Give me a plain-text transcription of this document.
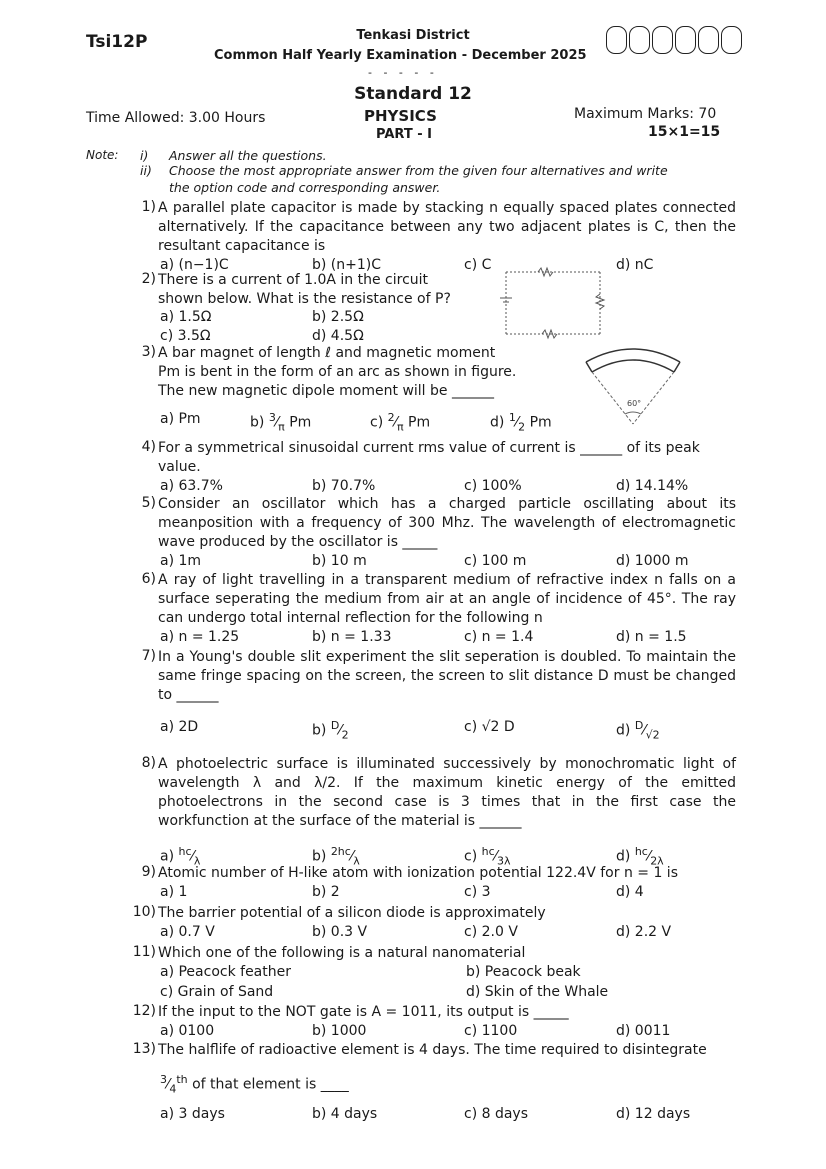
Tsi12P	Tenkasi District
Common Half Yearly Examination - December 2025
- - - - -
Standard 12
Time Allowed: 3.00 Hours	PHYSICS	Maximum Marks: 70
PART - I	15×1=15
Note: i) Answer all the questions.
ii) Choose the most appropriate answer from the given four alternatives and write
the option code and corresponding answer.
1) A parallel plate capacitor is made by stacking n equally spaced plates connected alternatively. If the capacitance between any two adjacent plates is C, then the resultant capacitance is
a) (n−1)C	b) (n+1)C	c) C	d) nC
2) There is a current of 1.0A in the circuit
shown below. What is the resistance of P?
a) 1.5Ω	b) 2.5Ω
c) 3.5Ω	d) 4.5Ω
3) A bar magnet of length ℓ and magnetic moment
Pm is bent in the form of an arc as shown in figure.
The new magnetic dipole moment will be ______
a) Pm	b) $^3⁄_\pi$ Pm	c) $^2⁄_\pi$ Pm	d) $^1⁄_2$ Pm
60°
4) For a symmetrical sinusoidal current rms value of current is ______ of its peak value.
a) 63.7%	b) 70.7%	c) 100%	d) 14.14%
5) Consider an oscillator which has a charged particle oscillating about its meanposition with a frequency of 300 Mhz. The wavelength of electromagnetic wave produced by the oscillator is _____
a) 1m	b) 10 m	c) 100 m	d) 1000 m
6) A ray of light travelling in a transparent medium of refractive index n falls on a surface seperating the medium from air at an angle of incidence of 45°. The ray can undergo total internal reflection for the following n
a) n = 1.25	b) n = 1.33	c) n = 1.4	d) n = 1.5
7) In a Young's double slit experiment the slit seperation is doubled. To maintain the same fringe spacing on the screen, the screen to slit distance D must be changed to ______
a) 2D	b) $^D⁄_2$	c) √2 D	d) $^D⁄_{√2}$
8) A photoelectric surface is illuminated successively by monochromatic light of wavelength λ and λ/2. If the maximum kinetic energy of the emitted photoelectrons in the second case is 3 times that in the first case the workfunction at the surface of the material is ______
a) $^{hc}⁄_\lambda$	b) $^{2hc}⁄_\lambda$	c) $^{hc}⁄_{3\lambda}$	d) $^{hc}⁄_{2\lambda}$
9) Atomic number of H-like atom with ionization potential 122.4V for n = 1 is
a) 1	b) 2	c) 3	d) 4
10) The barrier potential of a silicon diode is approximately
a) 0.7 V	b) 0.3 V	c) 2.0 V	d) 2.2 V
11) Which one of the following is a natural nanomaterial
a) Peacock feather	b) Peacock beak
c) Grain of Sand	d) Skin of the Whale
12) If the input to the NOT gate is A = 1011, its output is _____
a) 0100	b) 1000	c) 1100	d) 0011
13) The halflife of radioactive element is 4 days. The time required to disintegrate
$^3⁄_4^{th}$ of that element is ____
a) 3 days	b) 4 days	c) 8 days	d) 12 days
